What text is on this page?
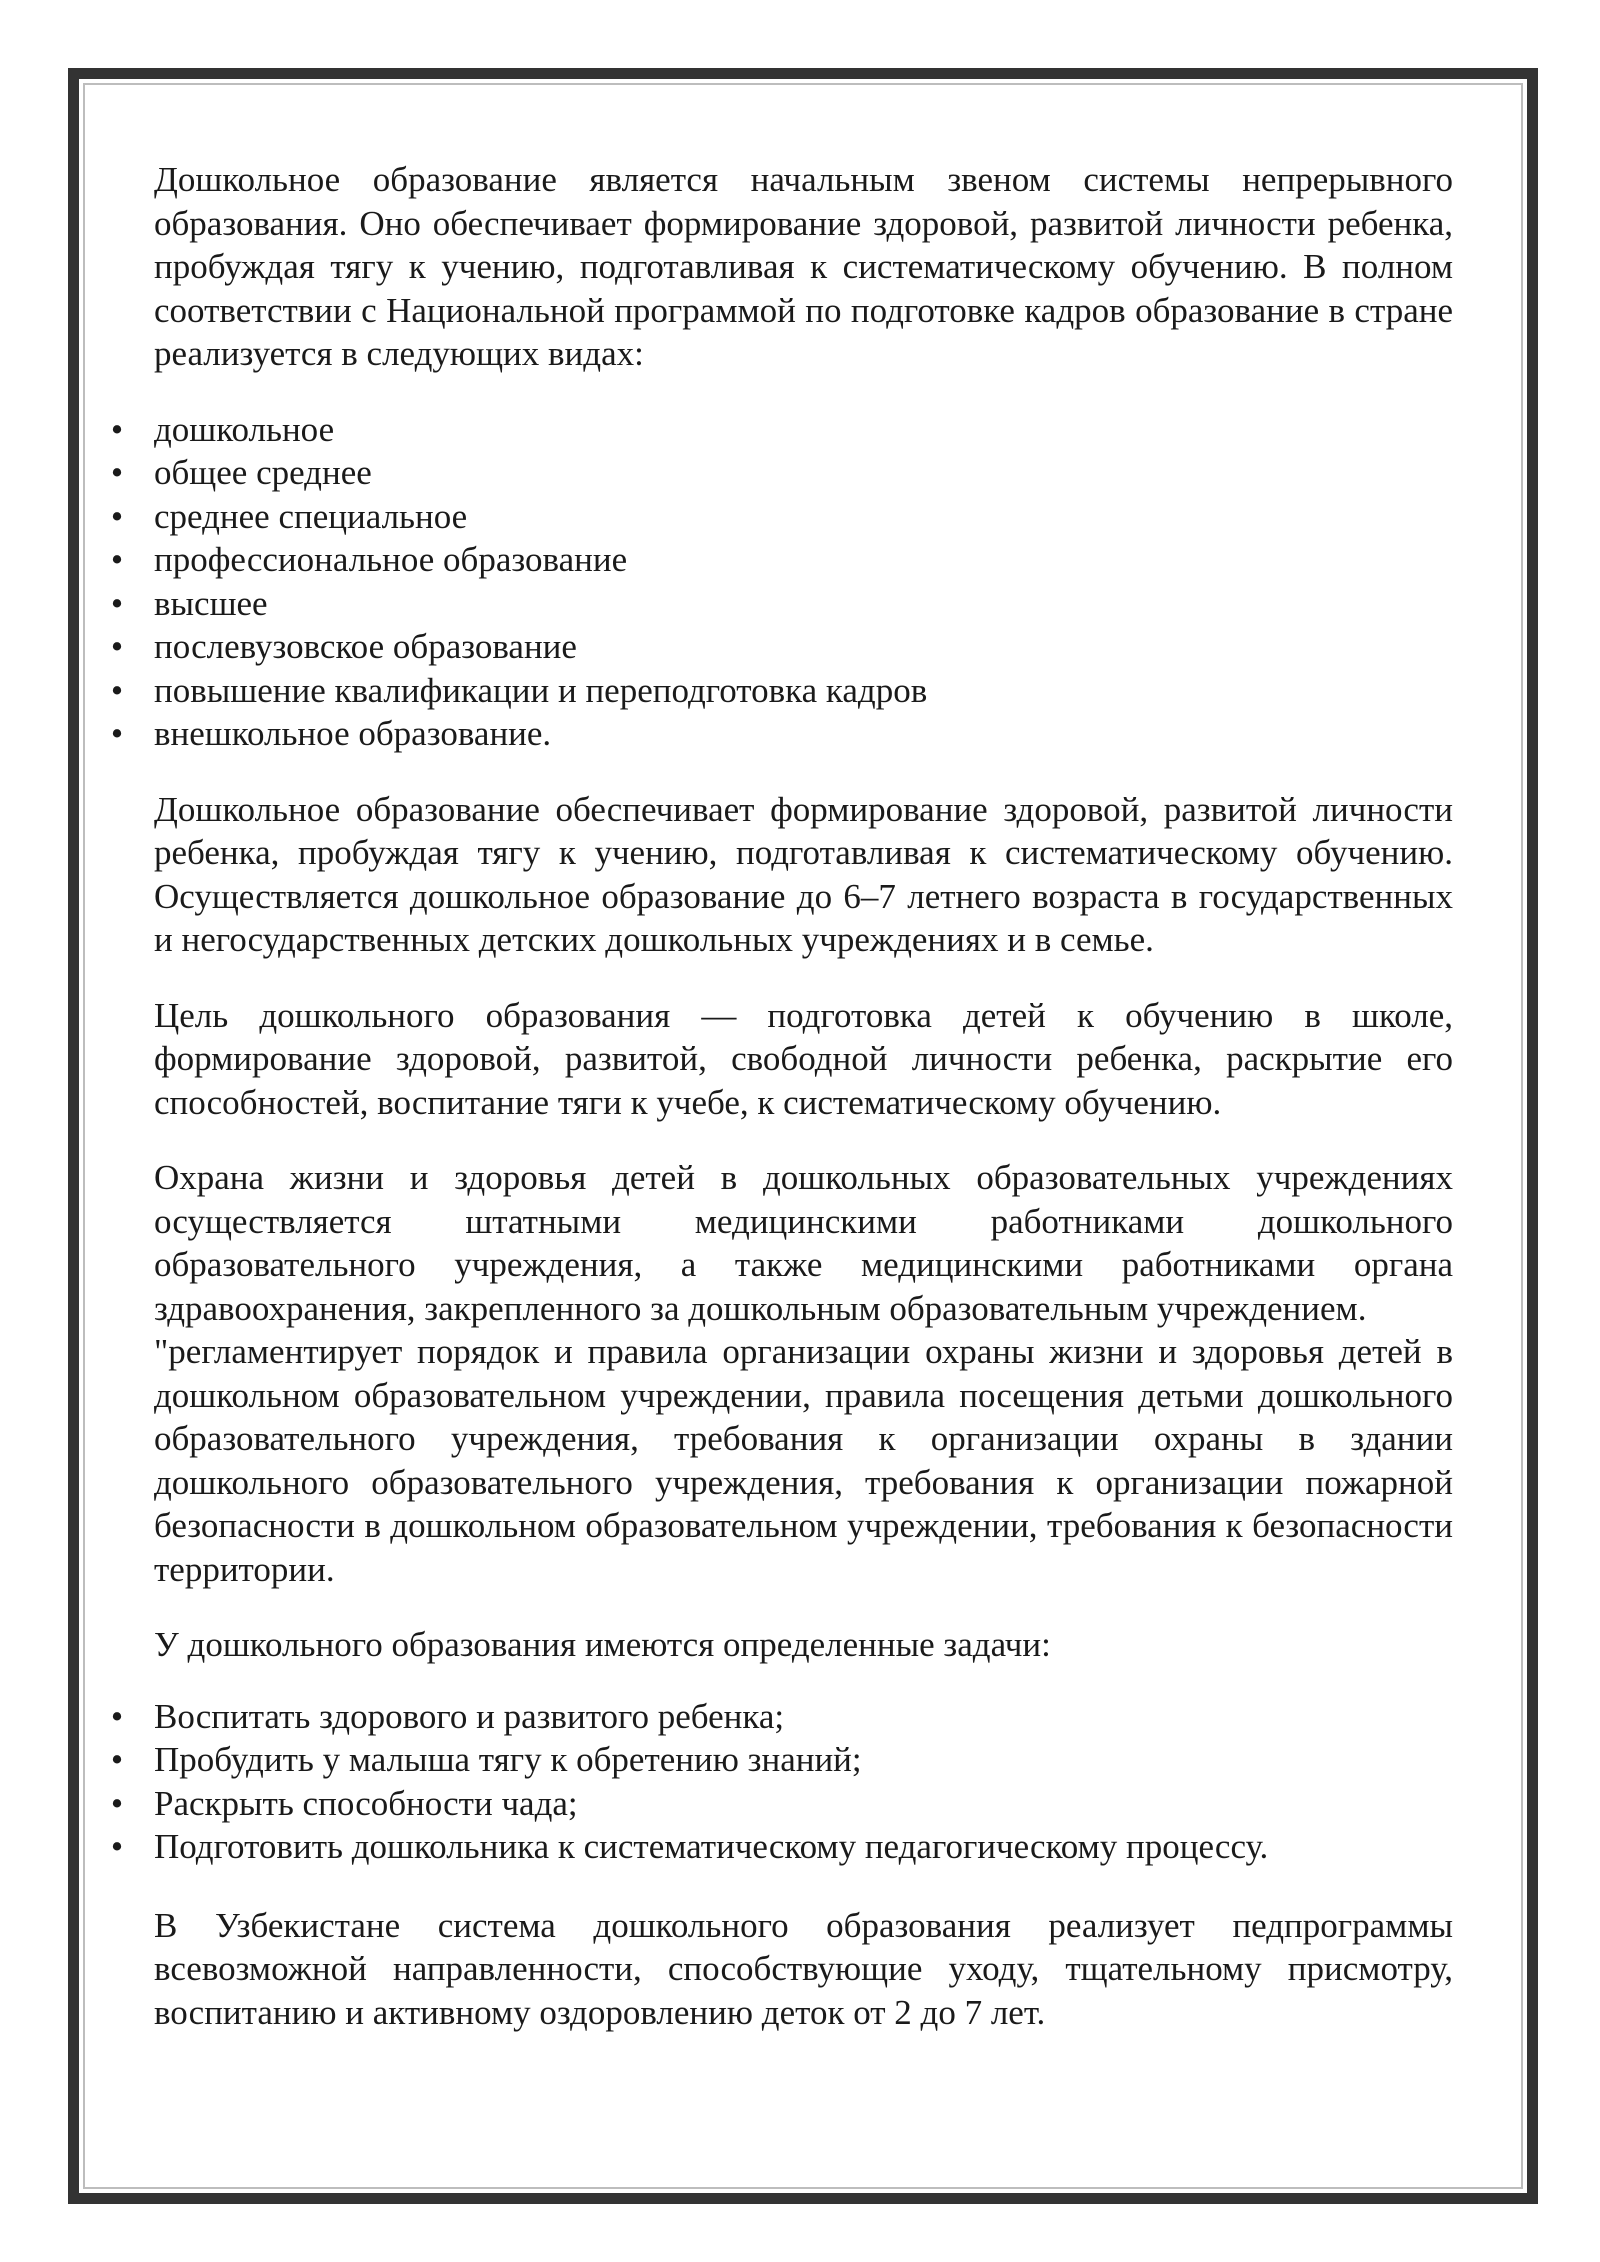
Дошкольное образование является начальным звеном системы непрерывного образования. Оно обеспечивает формирование здоровой, развитой личности ребенка, пробуждая тягу к учению, подготавливая к систематическому обучению. В полном соответствии с Национальной программой по подготовке кадров образование в стране реализуется в следующих видах:

• дошкольное
• общее среднее
• среднее специальное
• профессиональное образование
• высшее
• послевузовское образование
• повышение квалификации и переподготовка кадров
• внешкольное образование.

Дошкольное образование обеспечивает формирование здоровой, развитой личности ребенка, пробуждая тягу к учению, подготавливая к систематическому обучению. Осуществляется дошкольное образование до 6–7 летнего возраста в государственных и негосударственных детских дошкольных учреждениях и в семье.

Цель дошкольного образования — подготовка детей к обучению в школе, формирование здоровой, развитой, свободной личности ребенка, раскрытие его способностей, воспитание тяги к учебе, к систематическому обучению.

Охрана жизни и здоровья детей в дошкольных образовательных учреждениях осуществляется штатными медицинскими работниками дошкольного образовательного учреждения, а также медицинскими работниками органа здравоохранения, закрепленного за дошкольным образовательным учреждением.

"регламентирует порядок и правила организации охраны жизни и здоровья детей в дошкольном образовательном учреждении, правила посещения детьми дошкольного образовательного учреждения, требования к организации охраны в здании дошкольного образовательного учреждения, требования к организации пожарной безопасности в дошкольном образовательном учреждении, требования к безопасности территории.

У дошкольного образования имеются определенные задачи:

• Воспитать здорового и развитого ребенка;
• Пробудить у малыша тягу к обретению знаний;
• Раскрыть способности чада;
• Подготовить дошкольника к систематическому педагогическому процессу.

В Узбекистане система дошкольного образования реализует педпрограммы всевозможной направленности, способствующие уходу, тщательному присмотру, воспитанию и активному оздоровлению деток от 2 до 7 лет.
